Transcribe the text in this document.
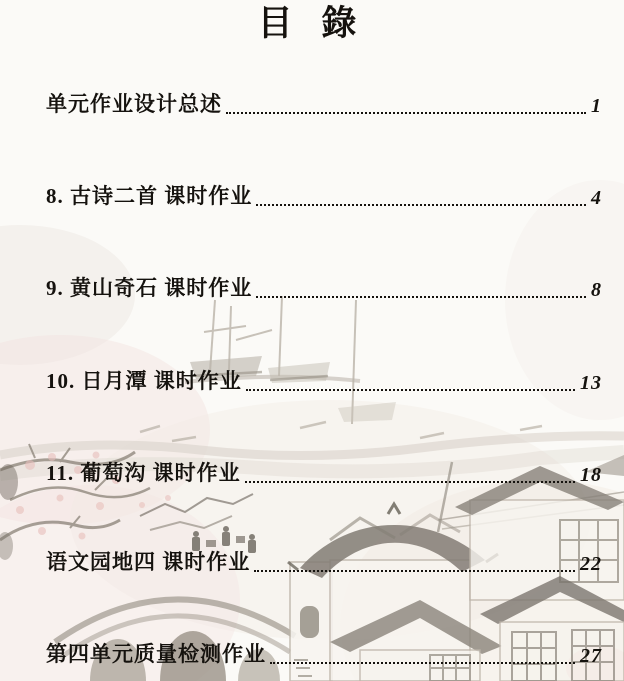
目 錄
单元作业设计总述	1
8. 古诗二首 课时作业	4
9. 黄山奇石 课时作业	8
10. 日月潭 课时作业	13
11. 葡萄沟 课时作业	18
语文园地四 课时作业	22
第四单元质量检测作业	27
